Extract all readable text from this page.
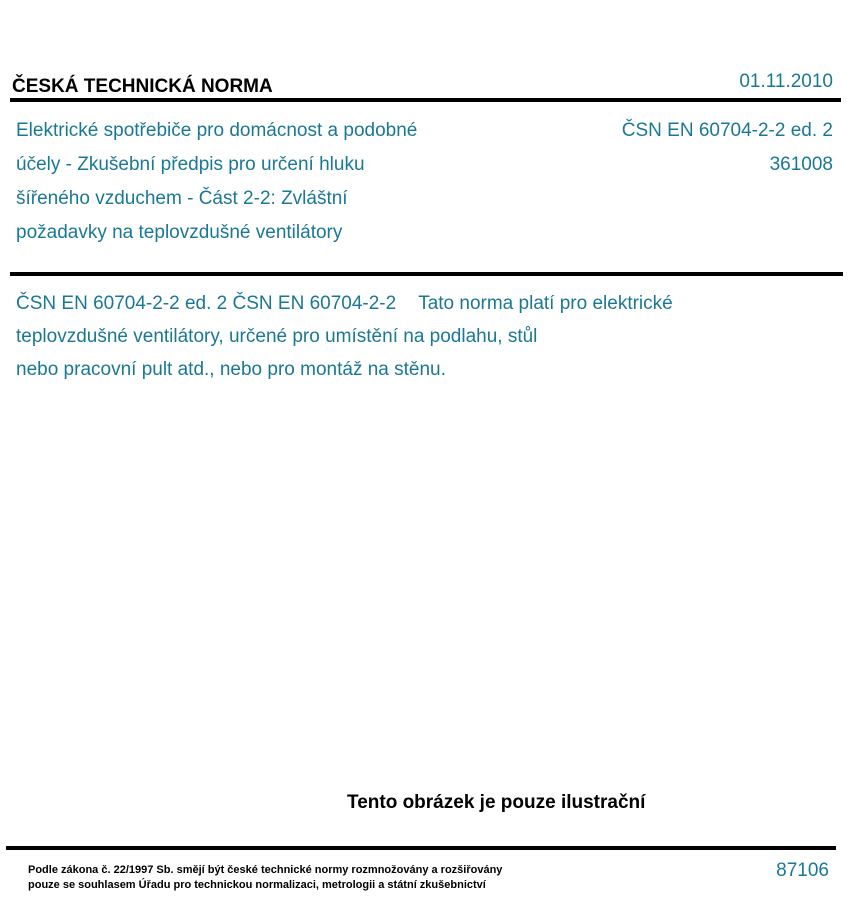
ČESKÁ TECHNICKÁ NORMA	01.11.2010
Elektrické spotřebiče pro domácnost a podobné
účely - Zkušební předpis pro určení hluku
šířeného vzduchem - Část 2-2: Zvláštní
požadavky na teplovzdušné ventilátory
ČSN EN 60704-2-2 ed. 2
361008
ČSN EN 60704-2-2 ed. 2 ČSN EN 60704-2-2 Tato norma platí pro elektrické
teplovzdušné ventilátory, určené pro umístění na podlahu, stůl
nebo pracovní pult atd., nebo pro montáž na stěnu.
Tento obrázek je pouze ilustrační
Podle zákona č. 22/1997 Sb. smějí být české technické normy rozmnožovány a rozšiřovány
pouze se souhlasem Úřadu pro technickou normalizaci, metrologii a státní zkušebnictví
87106
